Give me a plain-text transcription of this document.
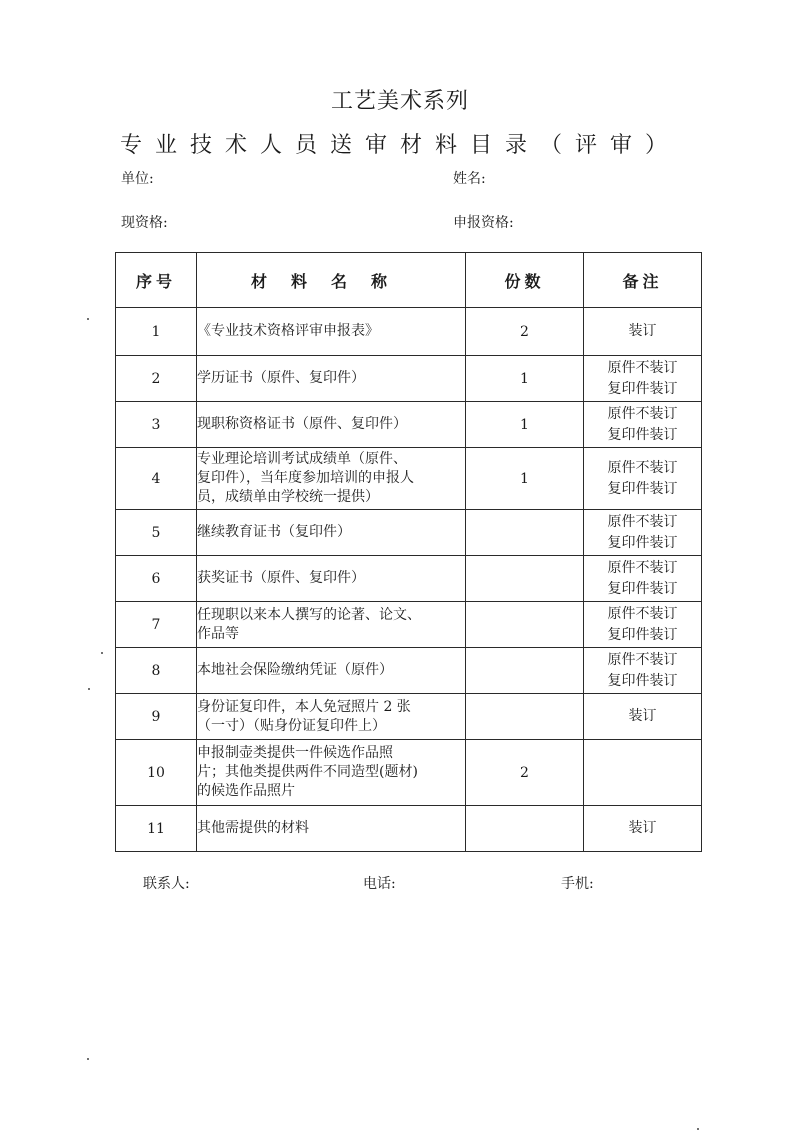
工艺美术系列
专业技术人员送审材料目录（评审）
单位:	姓名:
现资格:	申报资格:
序号	材料名称	份数	备注
1	《专业技术资格评审申报表》	2	装订

2	学历证书（原件、复印件）	1	原件不装订
复印件装订

3	现职称资格证书（原件、复印件）	1	原件不装订
复印件装订

4	专业理论培训考试成绩单（原件、
复印件），当年度参加培训的申报人
员，成绩单由学校统一提供）	1	原件不装订
复印件装订

5	继续教育证书（复印件）		原件不装订
复印件装订

6	获奖证书（原件、复印件）		原件不装订
复印件装订

7	任现职以来本人撰写的论著、论文、
作品等		原件不装订
复印件装订

8	本地社会保险缴纳凭证（原件）		原件不装订
复印件装订

9	身份证复印件，本人免冠照片 2 张
（一寸）（贴身份证复印件上）		装订

10	申报制壶类提供一件候选作品照
片；其他类提供两件不同造型(题材)
的候选作品照片	2	
11	其他需提供的材料		装订
联系人:	电话:	手机:
